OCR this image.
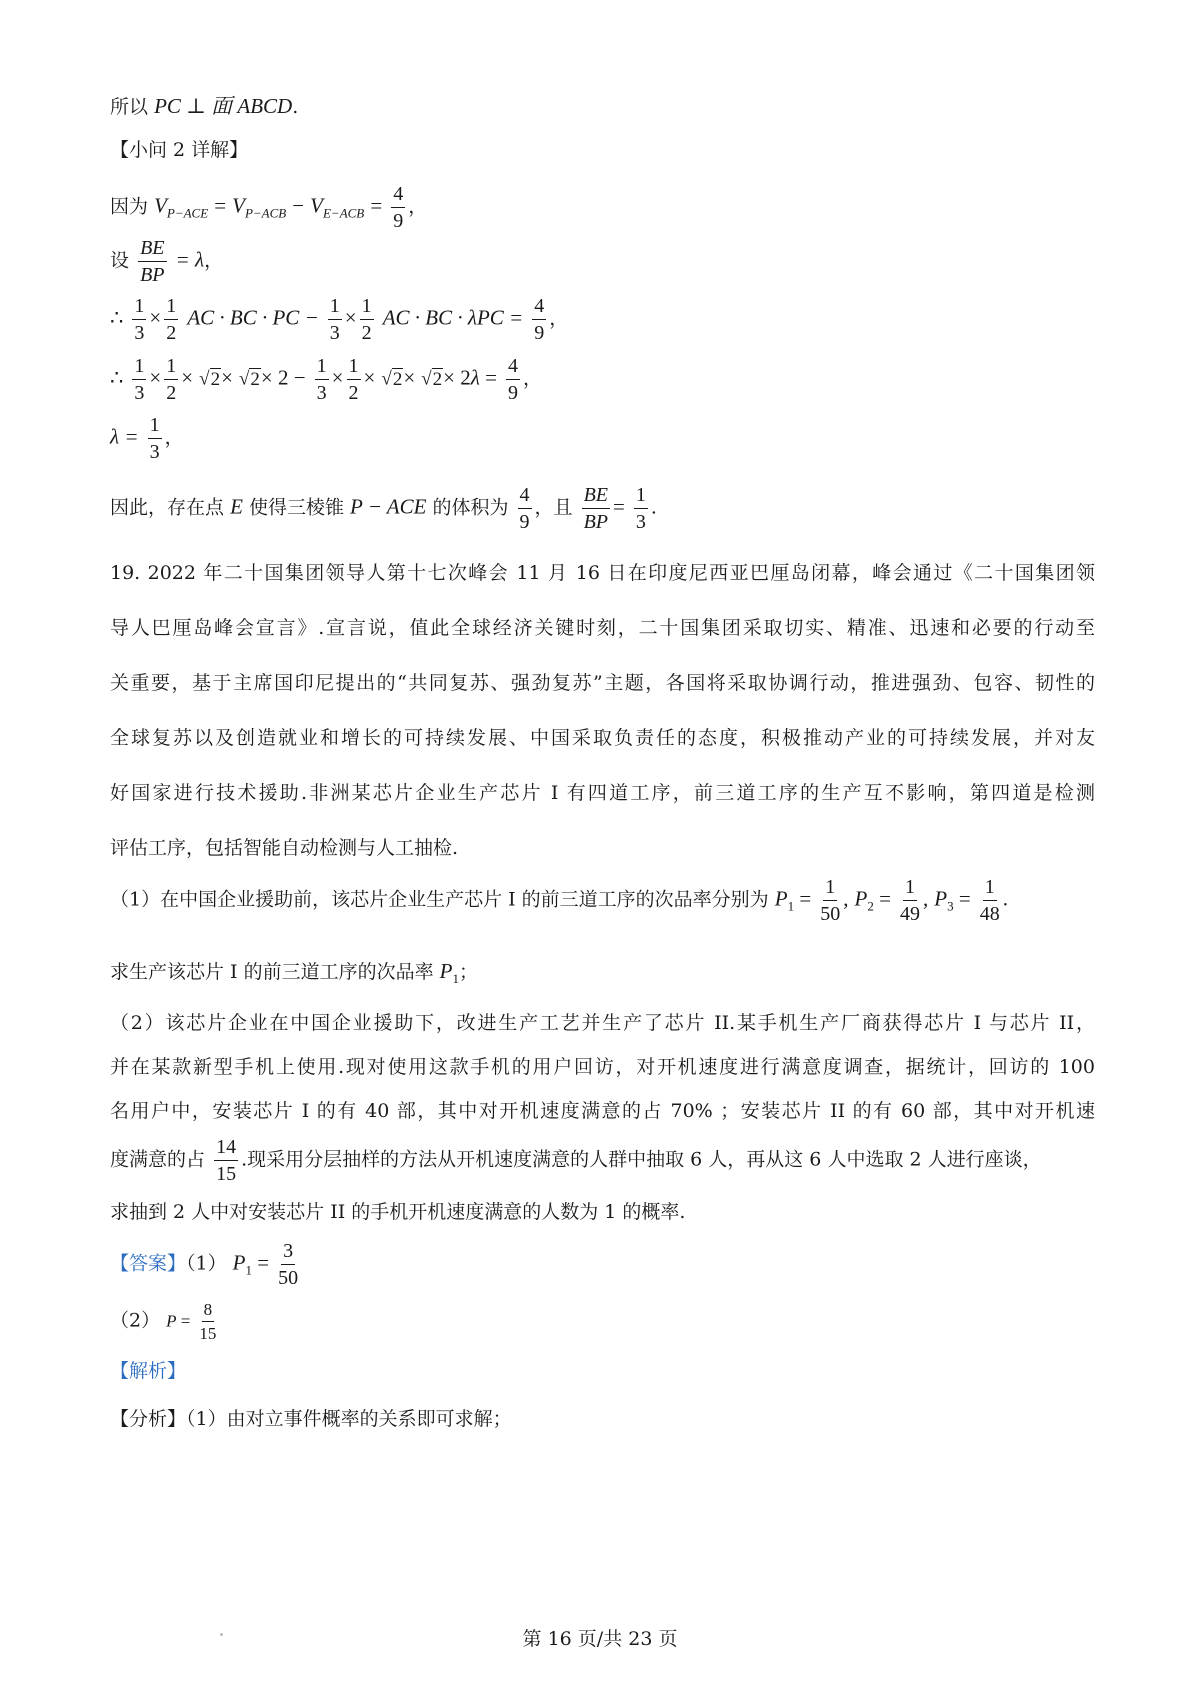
所以 PC ⊥ 面 ABCD.
【小问 2 详解】
因为 $V_{P-ACE} = V_{P-ACB} - V_{E-ACB} = \frac{4}{9}$ ，
设 $\frac{BE}{BP} = \lambda$，
∴ $\frac{1}{3} \times \frac{1}{2}$ AC · BC · PC − $\frac{1}{3} \times \frac{1}{2}$ AC · BC · $\lambda PC = \frac{4}{9}$ ，
∴ $\frac{1}{3} \times \frac{1}{2} \times √2\times √2\times 2 - \frac{1}{3} \times \frac{1}{2} \times √2\times √2\times 2\lambda = \frac{4}{9}$ ，
$\lambda = \frac{1}{3}$ ，
因此，存在点 E 使得三棱锥 P − ACE 的体积为 $\frac{4}{9}$ ，且 $\frac{BE}{BP} = \frac{1}{3}$ .
19. 2022 年二十国集团领导人第十七次峰会 11 月 16 日在印度尼西亚巴厘岛闭幕，峰会通过《二十国集团领
导人巴厘岛峰会宣言》.宣言说，值此全球经济关键时刻，二十国集团采取切实、精准、迅速和必要的行动至
关重要，基于主席国印尼提出的“共同复苏、强劲复苏”主题，各国将采取协调行动，推进强劲、包容、韧性的
全球复苏以及创造就业和增长的可持续发展、中国采取负责任的态度，积极推动产业的可持续发展，并对友
好国家进行技术援助.非洲某芯片企业生产芯片 I 有四道工序，前三道工序的生产互不影响，第四道是检测
评估工序，包括智能自动检测与人工抽检.
（1）在中国企业援助前，该芯片企业生产芯片 I 的前三道工序的次品率分别为 $P_1 = \frac{1}{50}$ , $P_2 = \frac{1}{49}$ , $P_3 = \frac{1}{48}$ .
求生产该芯片 I 的前三道工序的次品率 $P_1$；
（2）该芯片企业在中国企业援助下，改进生产工艺并生产了芯片 II.某手机生产厂商获得芯片 I 与芯片 II，
并在某款新型手机上使用.现对使用这款手机的用户回访，对开机速度进行满意度调查，据统计，回访的 100
名用户中，安装芯片 I 的有 40 部，其中对开机速度满意的占 70% ；安装芯片 II 的有 60 部，其中对开机速
度满意的占 $\frac{14}{15}$ .现采用分层抽样的方法从开机速度满意的人群中抽取 6 人，再从这 6 人中选取 2 人进行座谈，
求抽到 2 人中对安装芯片 II 的手机开机速度满意的人数为 1 的概率.
【答案】（1） $P_1 = \frac{3}{50}$
（2） $P = \frac{8}{15}$
【解析】
【分析】（1）由对立事件概率的关系即可求解；
第 16 页/共 23 页
